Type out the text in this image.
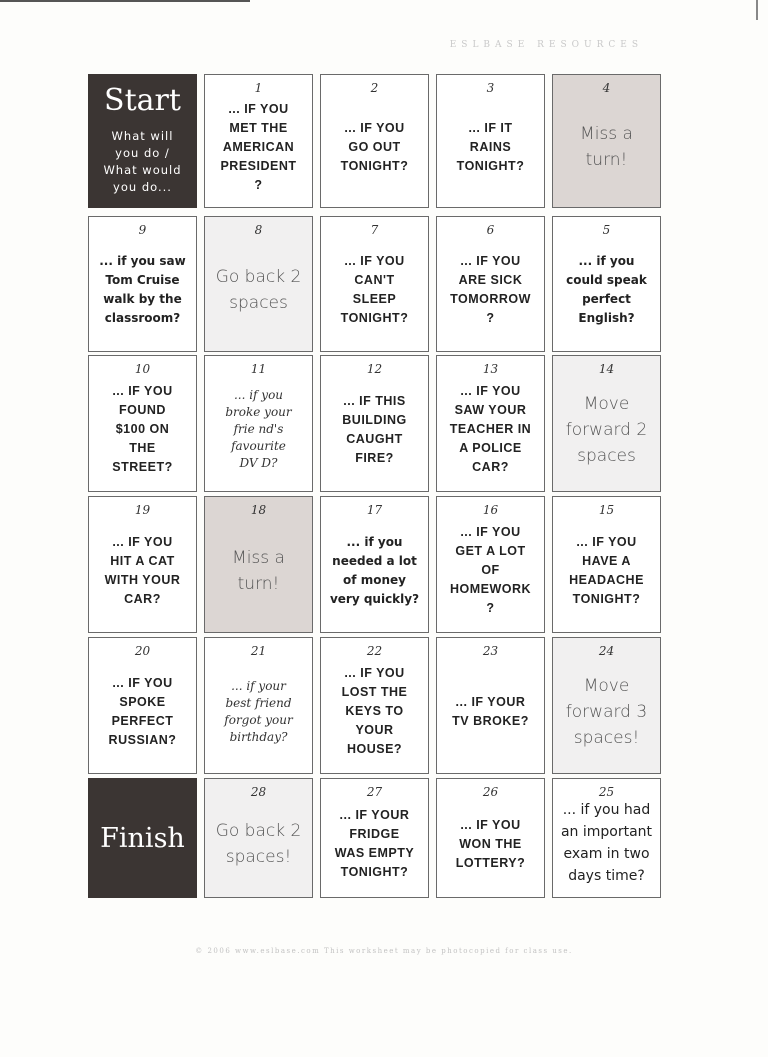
ESLBASE RESOURCES
Start
What will
you do /
What would
you do...
Finish
1
... IF YOU
MET THE
AMERICAN
PRESIDENT
?
2
... IF YOU
GO OUT
TONIGHT?
3
... IF IT
RAINS
TONIGHT?
4
Miss a
turn!
5
... if you
could speak
perfect
English?
6
... IF YOU
ARE SICK
TOMORROW
?
7
... IF YOU
CAN'T
SLEEP
TONIGHT?
8
Go back 2
spaces
9
... if you saw
Tom Cruise
walk by the
classroom?
10
... IF YOU
FOUND
$100 ON
THE
STREET?
11
... if you
broke your
frie nd's
favourite
DV D?
12
... IF THIS
BUILDING
CAUGHT
FIRE?
13
... IF YOU
SAW YOUR
TEACHER IN
A POLICE
CAR?
14
Move
forward 2
spaces
15
... IF YOU
HAVE A
HEADACHE
TONIGHT?
16
... IF YOU
GET A LOT
OF
HOMEWORK
?
17
... if you
needed a lot
of money
very quickly?
18
Miss a
turn!
19
... IF YOU
HIT A CAT
WITH YOUR
CAR?
20
... IF YOU
SPOKE
PERFECT
RUSSIAN?
21
... if your
best friend
forgot your
birthday?
22
... IF YOU
LOST THE
KEYS TO
YOUR
HOUSE?
23
... IF YOUR
TV BROKE?
24
Move
forward 3
spaces!
25
... if you had
an important
exam in two
days time?
26
... IF YOU
WON THE
LOTTERY?
27
... IF YOUR
FRIDGE
WAS EMPTY
TONIGHT?
28
Go back 2
spaces!
© 2006 www.eslbase.com This worksheet may be photocopied for class use.
